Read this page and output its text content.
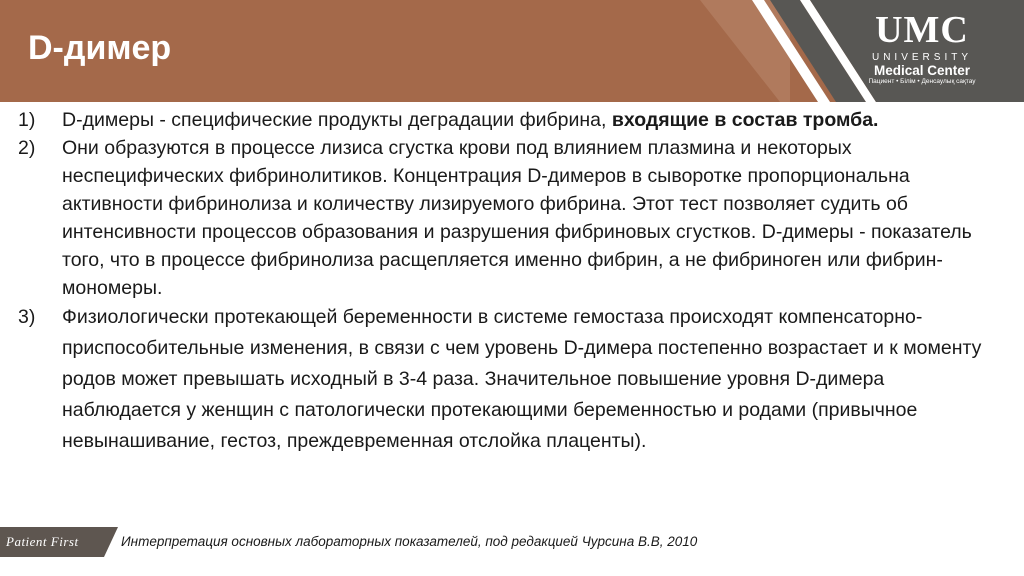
D-димер	UMC
UNIVERSITY
Medical Center
Пациент • Білім • Денсаулық сақтау
1)	D-димеры - специфические продукты деградации фибрина, входящие в состав тромба.
2)	Они образуются в процессе лизиса сгустка крови под влиянием плазмина и некоторых неспецифических фибринолитиков. Концентрация D-димеров в сыворотке пропорциональна активности фибринолиза и количеству лизируемого фибрина. Этот тест позволяет судить об интенсивности процессов образования и разрушения фибриновых сгустков. D-димеры - показатель того, что в процессе фибринолиза расщепляется именно фибрин, а не фибриноген или фибрин-мономеры.
3)	Физиологически протекающей беременности в системе гемостаза происходят компенсаторно-приспособительные изменения, в связи с чем уровень D-димера постепенно возрастает и к моменту родов может превышать исходный в 3-4 раза. Значительное повышение уровня D-димера наблюдается у женщин с патологически протекающими беременностью и родами (привычное невынашивание, гестоз, преждевременная отслойка плаценты).
Patient First	Интерпретация основных лабораторных показателей, под редакцией Чурсина В.В, 2010
